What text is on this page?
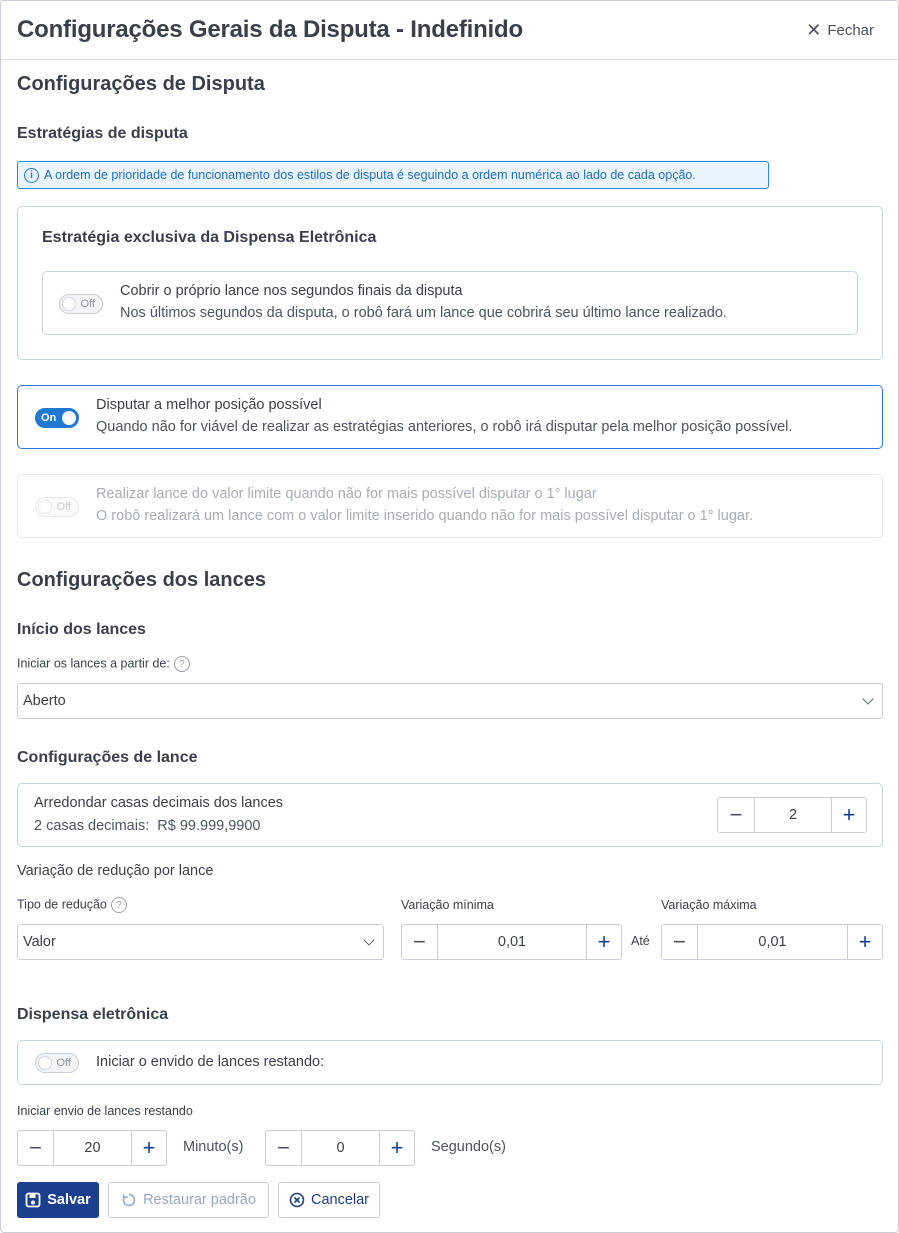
Configurações Gerais da Disputa - Indefinido	✕ Fechar
Configurações de Disputa
Estratégias de disputa
i A ordem de prioridade de funcionamento dos estilos de disputa é seguindo a ordem numérica ao lado de cada opção.
Estratégia exclusiva da Dispensa Eletrônica
Off
Cobrir o próprio lance nos segundos finais da disputa
Nos últimos segundos da disputa, o robô fará um lance que cobrirá seu último lance realizado.
On
Disputar a melhor posição possível
Quando não for viável de realizar as estratégias anteriores, o robô irá disputar pela melhor posição possível.
Off
Realizar lance do valor limite quando não for mais possível disputar o 1° lugar
O robô realizará um lance com o valor limite inserido quando não for mais possível disputar o 1° lugar.
Configurações dos lances
Início dos lances
Iniciar os lances a partir de: ?
Aberto
Configurações de lance
Arredondar casas decimais dos lances
2 casas decimais:  R$ 99.999,9900	−	2	+
Variação de redução por lance
Tipo de redução ?
Valor
Variação mínima
−	0,01	+	Até
Variação máxima
−	0,01	+
Dispensa eletrônica
Off Iniciar o envido de lances restando:
Iniciar envio de lances restando
−	20	+	Minuto(s)	−	0	+	Segundo(s)
Salvar	Restaurar padrão	Cancelar
